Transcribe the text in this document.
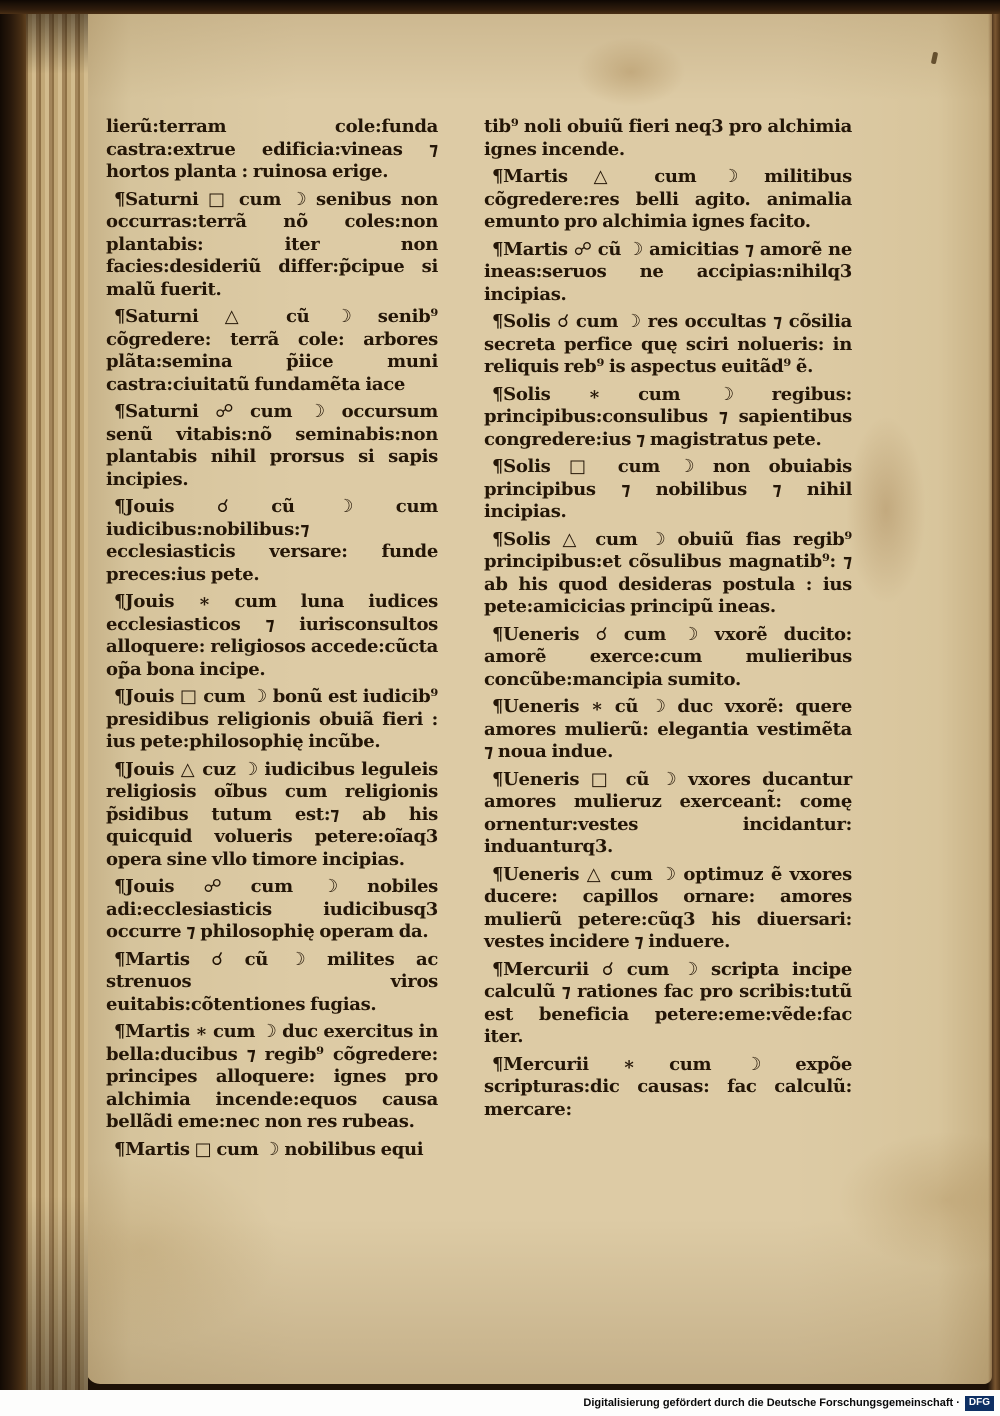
lierũ:terram cole:funda castra:extrue edificia:vineas ⁊ hortos planta : ruinosa erige.

¶Saturni □ cum ☽ senibus non occurras:terrã nõ coles:non plantabis: iter non facies:desideriũ differ:p̃cipue si malũ fuerit.

¶Saturni △ cũ ☽ senib⁹ cõgredere: terrã cole: arbores plãta:semina p̃iice muni castra:ciuitatũ fundamẽta iace

¶Saturni ☍ cum ☽ occursum senũ vitabis:nõ seminabis:non plantabis nihil prorsus si sapis incipies.

¶Jouis ☌ cũ ☽ cum iudicibus:nobilibus:⁊ ecclesiasticis versare: funde preces:ius pete.

¶Jouis ∗ cum luna iudices ecclesiasticos ⁊ iurisconsultos alloquere: religiosos accede:cũcta op̃a bona incipe.

¶Jouis □ cum ☽ bonũ est iudicib⁹ presidibus religionis obuiã fieri : ius pete:philosophię incũbe.

¶Jouis △ cuz ☽ iudicibus leguleis religiosis oĩbus cum religionis p̃sidibus tutum est:⁊ ab his quicquid volueris petere:oĩaq3 opera sine vllo timore incipias.

¶Jouis ☍ cum ☽ nobiles adi:ecclesiasticis iudicibusq3 occurre ⁊ philosophię operam da.

¶Martis ☌ cũ ☽ milites ac strenuos viros euitabis:cõtentiones fugias.

¶Martis ∗ cum ☽ duc exercitus in bella:ducibus ⁊ regib⁹ cõgredere: principes alloquere: ignes pro alchimia incende:equos causa bellãdi eme:nec non res rubeas.

¶Martis □ cum ☽ nobilibus equi

tib⁹ noli obuiũ fieri neq3 pro alchimia ignes incende.

¶Martis △ cum ☽ militibus cõgredere:res belli agito. animalia emunto pro alchimia ignes facito.

¶Martis ☍ cũ ☽ amicitias ⁊ amorẽ ne ineas:seruos ne accipias:nihilq3 incipias.

¶Solis ☌ cum ☽ res occultas ⁊ cõsilia secreta perfice quę sciri nolueris: in reliquis reb⁹ is aspectus euitãd⁹ ẽ.

¶Solis ∗ cum ☽ regibus: principibus:consulibus ⁊ sapientibus congredere:ius ⁊ magistratus pete.

¶Solis □ cum ☽ non obuiabis principibus ⁊ nobilibus ⁊ nihil incipias.

¶Solis △ cum ☽ obuiũ fias regib⁹ principibus:et cõsulibus magnatib⁹: ⁊ ab his quod desideras postula : ius pete:amicicias principũ ineas.

¶Ueneris ☌ cum ☽ vxorẽ ducito: amorẽ exerce:cum mulieribus concũbe:mancipia sumito.

¶Ueneris ∗ cũ ☽ duc vxorẽ: quere amores mulierũ: elegantia vestimẽta ⁊ noua indue.

¶Ueneris □ cũ ☽ vxores ducantur amores mulieruz exerceant̃: comę ornentur:vestes incidantur: induanturq3.

¶Ueneris △ cum ☽ optimuz ẽ vxores ducere: capillos ornare: amores mulierũ petere:cũq3 his diuersari: vestes incidere ⁊ induere.

¶Mercurii ☌ cum ☽ scripta incipe calculũ ⁊ rationes fac pro scribis:tutũ est beneficia petere:eme:vẽde:fac iter.

¶Mercurii ∗ cum ☽ expõe scripturas:dic causas: fac calculũ: mercare:

Digitalisierung gefördert durch die Deutsche Forschungsgemeinschaft · DFG
